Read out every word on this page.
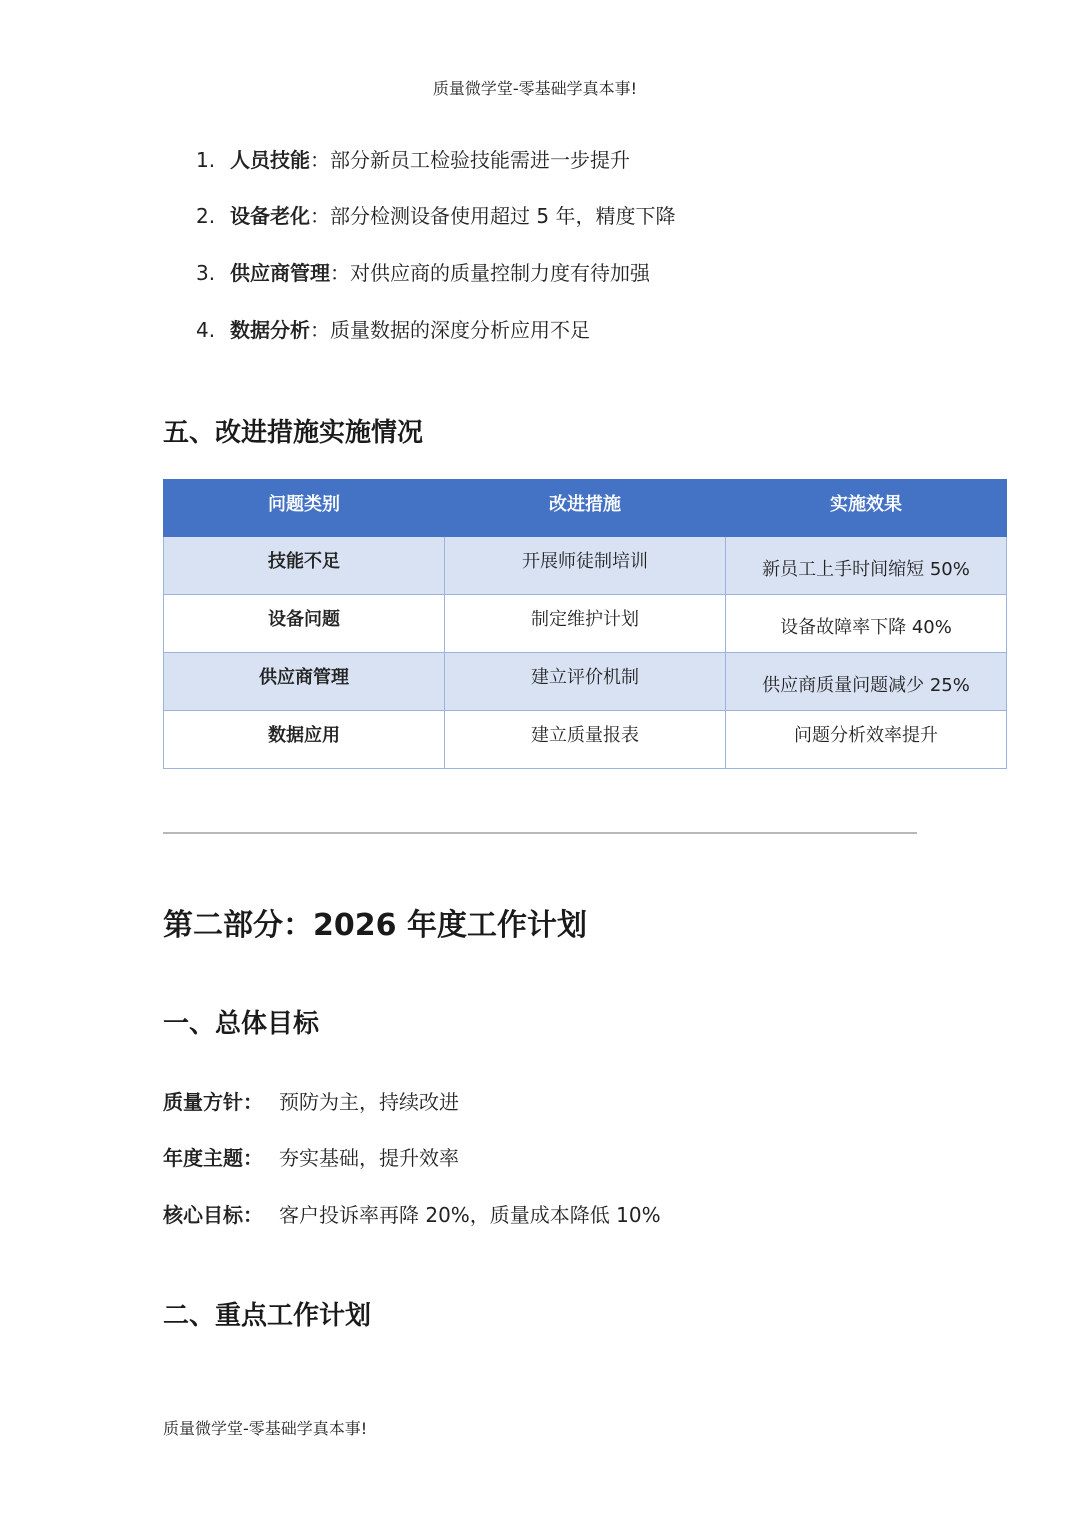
质量微学堂-零基础学真本事!
1. 人员技能：部分新员工检验技能需进一步提升
2. 设备老化：部分检测设备使用超过 5 年，精度下降
3. 供应商管理：对供应商的质量控制力度有待加强
4. 数据分析：质量数据的深度分析应用不足
五、改进措施实施情况
问题类别	改进措施	实施效果
技能不足	开展师徒制培训	新员工上手时间缩短 50%
设备问题	制定维护计划	设备故障率下降 40%
供应商管理	建立评价机制	供应商质量问题减少 25%
数据应用	建立质量报表	问题分析效率提升
第二部分：2026 年度工作计划
一、总体目标
质量方针： 预防为主，持续改进
年度主题： 夯实基础，提升效率
核心目标： 客户投诉率再降 20%，质量成本降低 10%
二、重点工作计划
质量微学堂-零基础学真本事!
